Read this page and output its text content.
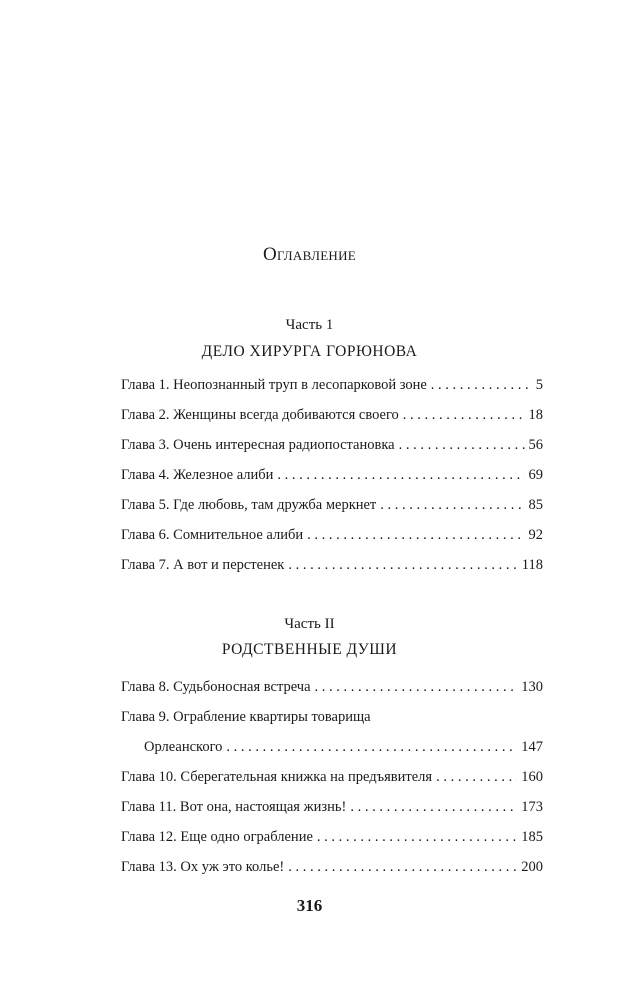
Оглавление
Часть 1
ДЕЛО ХИРУРГА ГОРЮНОВА
Глава 1. Неопознанный труп в лесопарковой зоне . . .	5
Глава 2. Женщины всегда добиваются своего . . .	18
Глава 3. Очень интересная радиопостановка . . .	56
Глава 4. Железное алиби . . .	69
Глава 5. Где любовь, там дружба меркнет . . .	85
Глава 6. Сомнительное алиби . . .	92
Глава 7. А вот и перстенек . . .	118
Часть II
РОДСТВЕННЫЕ ДУШИ
Глава 8. Судьбоносная встреча . . .	130
Глава 9. Ограбление квартиры товарища
Орлеанского . . .	147
Глава 10. Сберегательная книжка на предъявителя . . .	160
Глава 11. Вот она, настоящая жизнь! . . .	173
Глава 12. Еще одно ограбление . . .	185
Глава 13. Ох уж это колье! . . .	200
316
